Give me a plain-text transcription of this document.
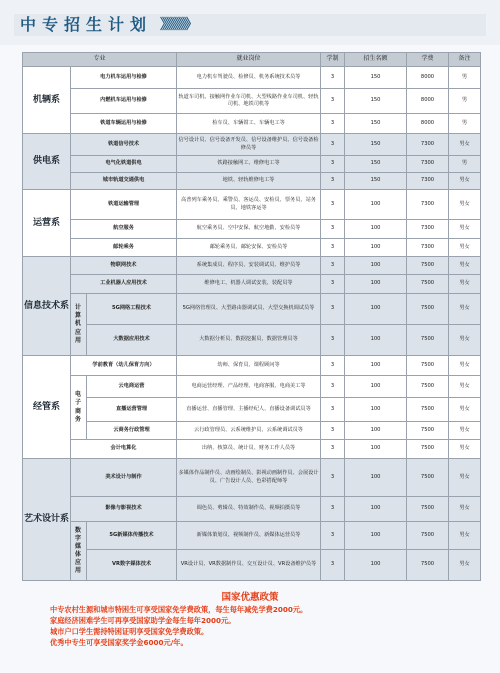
中专招生计划 》》》》》》》
专业			就业岗位	学制	招生名额	学费	备注
机辆系	电力机车运用与检修		电力机车驾驶员、检修员、机务系统技术员等	3	150	8000	男
	内燃机车运用与检修		轨道车司机、接触网作业车司机、大型线路作业车司机、轻轨司机、地铁司机等	3	150	8000	男
	铁道车辆运用与检修		检车员、车辆钳工、车辆电工等	3	150	8000	男
供电系	铁道信号技术		信号设计员、信号设备开发员、信号设备维护员、信号设备检修员等	3	150	7300	男女
	电气化铁道供电		铁路接触网工、维修电工等	3	150	7300	男
	城市轨道交通供电		地铁、轻轨维修电工等	3	150	7300	男女
运营系	铁道运输管理		高普列车乘务员、乘警员、客运员、安检员、票务员、站务员、地铁客运等	3	100	7300	男女
	航空服务		航空乘务员、空中安保、航空地勤、安检员等	3	100	7300	男女
	邮轮乘务		邮轮乘务员、邮轮安保、安检员等	3	100	7300	男女
信息技术系	物联网技术		系统集成员、程序员、安装调试员、维护员等	3	100	7500	男女
	工业机器人应用技术		维修电工、机器人调试安装、装配员等	3	100	7500	男女
	计算机应用	5G网络工程技术	5G网络管理员、大型路由器调试员、大型交换机调试员等	3	100	7500	男女
		大数据应用技术	大数据分析员、数据挖掘员、数据管理员等	3	100	7500	男女
经管系	学前教育（幼儿保育方向）		幼师、保育员、课程顾问等	3	100	7500	男女
	电子商务	云电商运营	电商运营经理、产品经理、电商客服、电商美工等	3	100	7500	男女
		直播运营管理	直播运营、直播管理、主播经纪人、直播设备调试员等	3	100	7500	男女
		云商务行政管理	云行政管理员、云系统维护员、云系统调试员等	3	100	7500	男女
	会计电算化		出纳、核算员、统计员、财务工作人员等	3	100	7500	男女
艺术设计系	美术设计与制作		多媒体作品制作员、动画绘制员、影视动画制作员、会展设计员、广告设计人员、色彩搭配师等	3	100	7500	男女
	影像与影视技术		调色员、剪辑员、特效制作员、视频拍摄员等	3	100	7500	男女
	数字媒体应用	5G新媒体传播技术	新媒体策划员、视频制作员、新媒体运营员等	3	100	7500	男女
		VR数字媒体技术	VR设计员、VR数据制作员、交互设计员、VR设备维护员等	3	100	7500	男女
国家优惠政策
中专农村生源和城市特困生可享受国家免学费政策，每生每年减免学费2000元。
家庭经济困难学生可再享受国家助学金每生每年2000元。
城市户口学生需持特困证明享受国家免学费政策。
优秀中专生可享受国家奖学金6000元/年。
